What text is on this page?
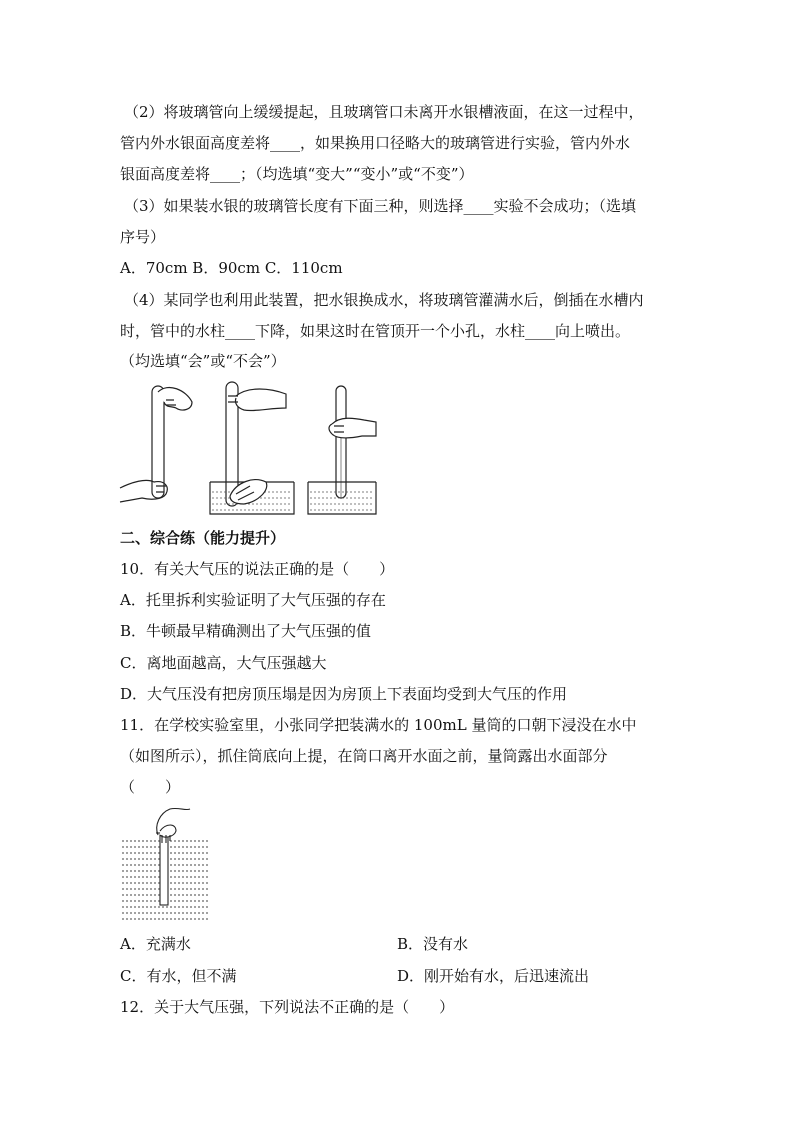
（2）将玻璃管向上缓缓提起，且玻璃管口未离开水银槽液面，在这一过程中，
管内外水银面高度差将____，如果换用口径略大的玻璃管进行实验，管内外水
银面高度差将____；（均选填“变大”“变小”或“不变”）
（3）如果装水银的玻璃管长度有下面三种，则选择____实验不会成功；（选填
序号）
A．70cm B．90cm C．110cm
（4）某同学也利用此装置，把水银换成水，将玻璃管灌满水后，倒插在水槽内
时，管中的水柱____下降，如果这时在管顶开一个小孔，水柱____向上喷出。
（均选填“会”或“不会”）
二、综合练（能力提升）
10．有关大气压的说法正确的是（　　）
A．托里拆利实验证明了大气压强的存在
B．牛顿最早精确测出了大气压强的值
C．离地面越高，大气压强越大
D．大气压没有把房顶压塌是因为房顶上下表面均受到大气压的作用
11．在学校实验室里，小张同学把装满水的 100mL 量筒的口朝下浸没在水中
（如图所示），抓住筒底向上提，在筒口离开水面之前，量筒露出水面部分
（　　）
A．充满水	B．没有水
C．有水，但不满	D．刚开始有水，后迅速流出
12．关于大气压强，下列说法不正确的是（　　）
